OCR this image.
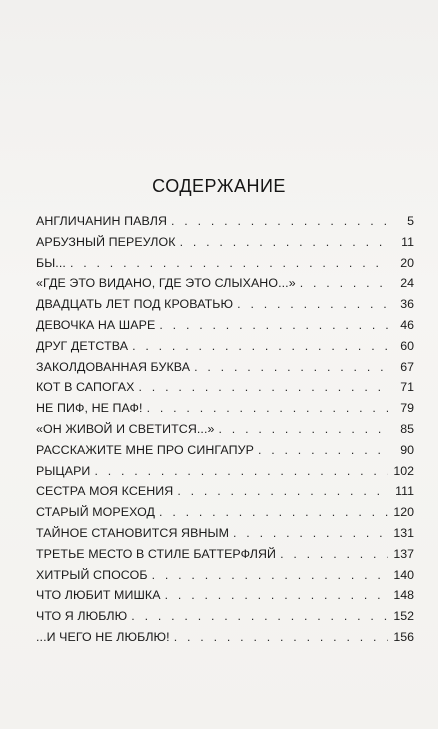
СОДЕРЖАНИЕ
АНГЛИЧАНИН ПАВЛЯ . . .	5
АРБУЗНЫЙ ПЕРЕУЛОК . . .	11
БЫ... . . .	20
«ГДЕ ЭТО ВИДАНО, ГДЕ ЭТО СЛЫХАНО...» . . .	24
ДВАДЦАТЬ ЛЕТ ПОД КРОВАТЬЮ . . .	36
ДЕВОЧКА НА ШАРЕ . . .	46
ДРУГ ДЕТСТВА . . .	60
ЗАКОЛДОВАННАЯ БУКВА . . .	67
КОТ В САПОГАХ . . .	71
НЕ ПИФ, НЕ ПАФ! . . .	79
«ОН ЖИВОЙ И СВЕТИТСЯ...» . . .	85
РАССКАЖИТЕ МНЕ ПРО СИНГАПУР . . .	90
РЫЦАРИ . . .	102
СЕСТРА МОЯ КСЕНИЯ . . .	111
СТАРЫЙ МОРЕХОД . . .	120
ТАЙНОЕ СТАНОВИТСЯ ЯВНЫМ . . .	131
ТРЕТЬЕ МЕСТО В СТИЛЕ БАТТЕРФЛЯЙ . . .	137
ХИТРЫЙ СПОСОБ . . .	140
ЧТО ЛЮБИТ МИШКА . . .	148
ЧТО Я ЛЮБЛЮ . . .	152
...И ЧЕГО НЕ ЛЮБЛЮ! . . .	156
